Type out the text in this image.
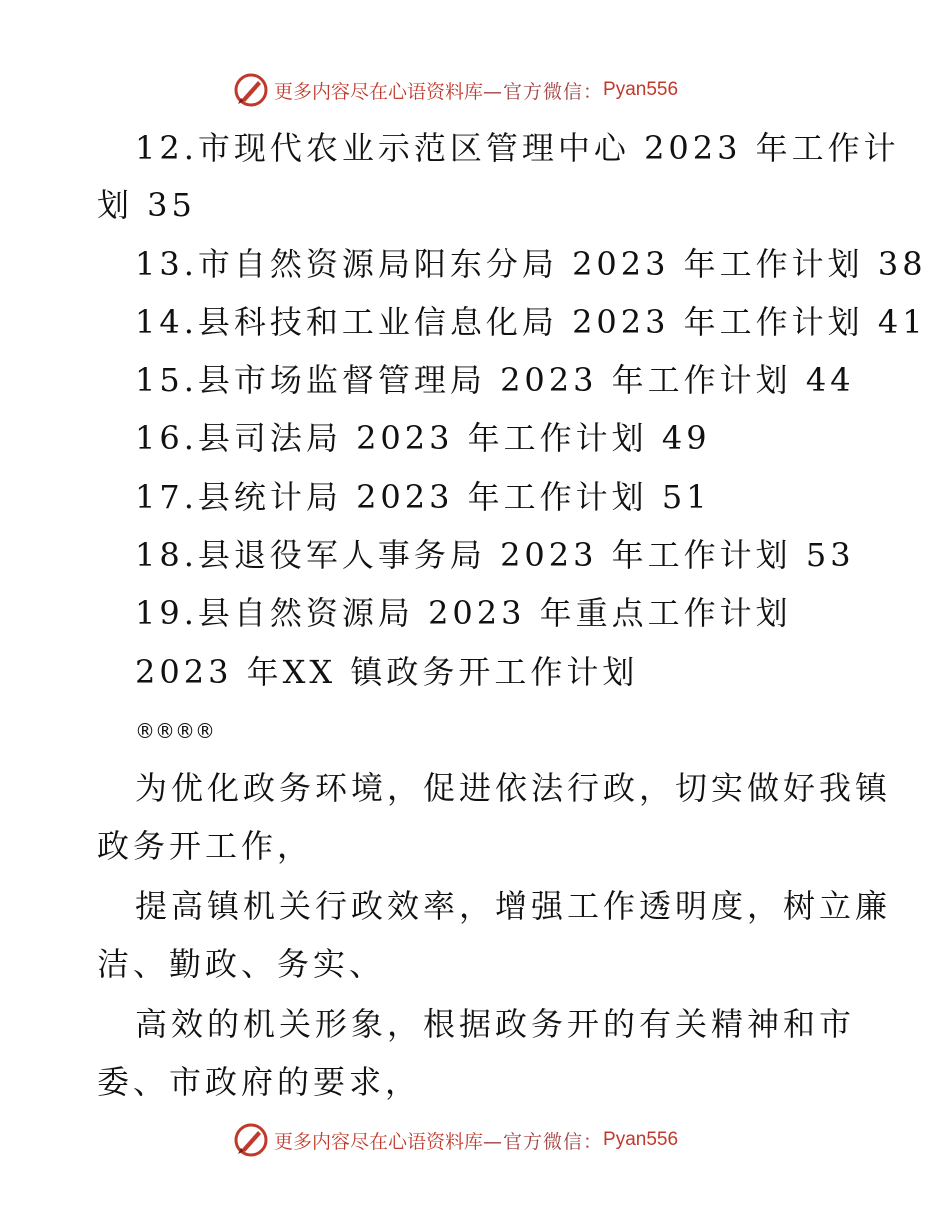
更多内容尽在心语资料库 —官方微信： Pyan556
12.市现代农业示范区管理中心 2023 年工作计
划 35
13.市自然资源局阳东分局 2023 年工作计划 38
14.县科技和工业信息化局 2023 年工作计划 41
15.县市场监督管理局 2023 年工作计划 44
16.县司法局 2023 年工作计划 49
17.县统计局 2023 年工作计划 51
18.县退役军人事务局 2023 年工作计划 53
19.县自然资源局 2023 年重点工作计划
2023 年XX 镇政务开工作计划
®®®®
为优化政务环境，促进依法行政，切实做好我镇
政务开工作，
提高镇机关行政效率，增强工作透明度，树立廉
洁、勤政、务实、
高效的机关形象，根据政务开的有关精神和市
委、市政府的要求，
更多内容尽在心语资料库 —官方微信： Pyan556
